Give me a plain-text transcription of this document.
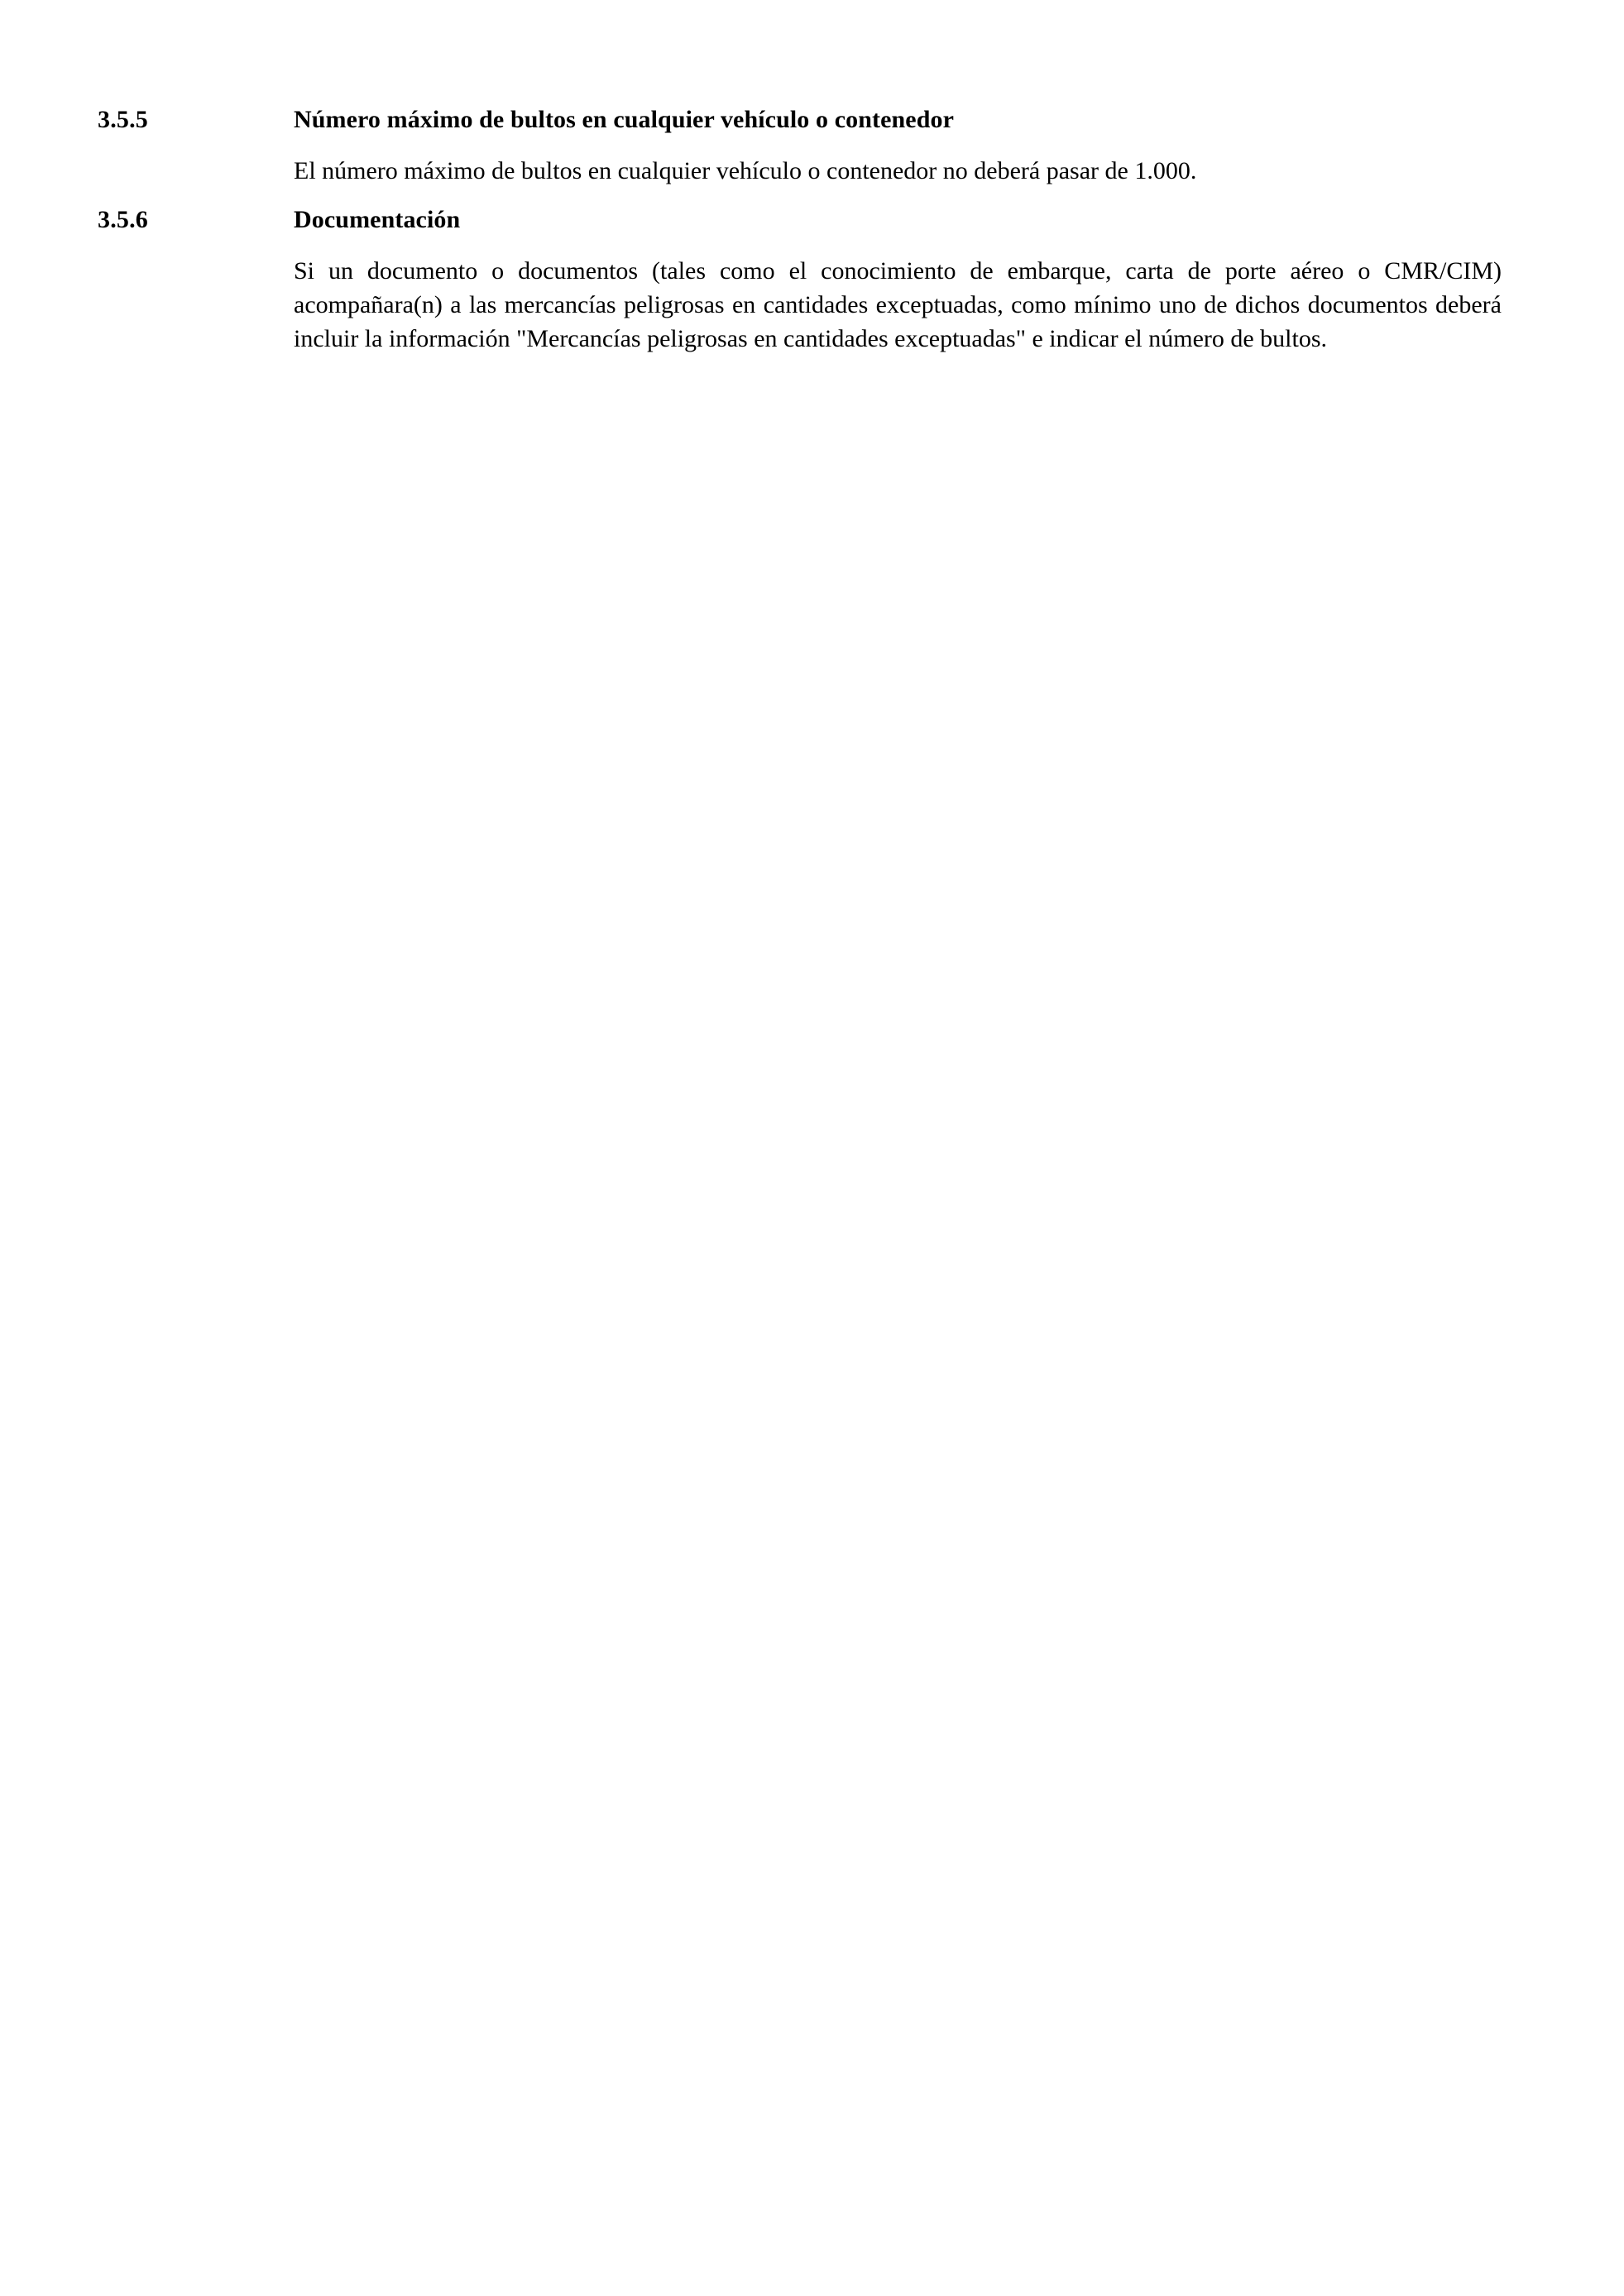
3.5.5	Número máximo de bultos en cualquier vehículo o contenedor
El número máximo de bultos en cualquier vehículo o contenedor no deberá pasar de 1.000.
3.5.6	Documentación
Si un documento o documentos (tales como el conocimiento de embarque, carta de porte aéreo o CMR/CIM) acompañara(n) a las mercancías peligrosas en cantidades exceptuadas, como mínimo uno de dichos documentos deberá incluir la información "Mercancías peligrosas en cantidades exceptuadas" e indicar el número de bultos.
